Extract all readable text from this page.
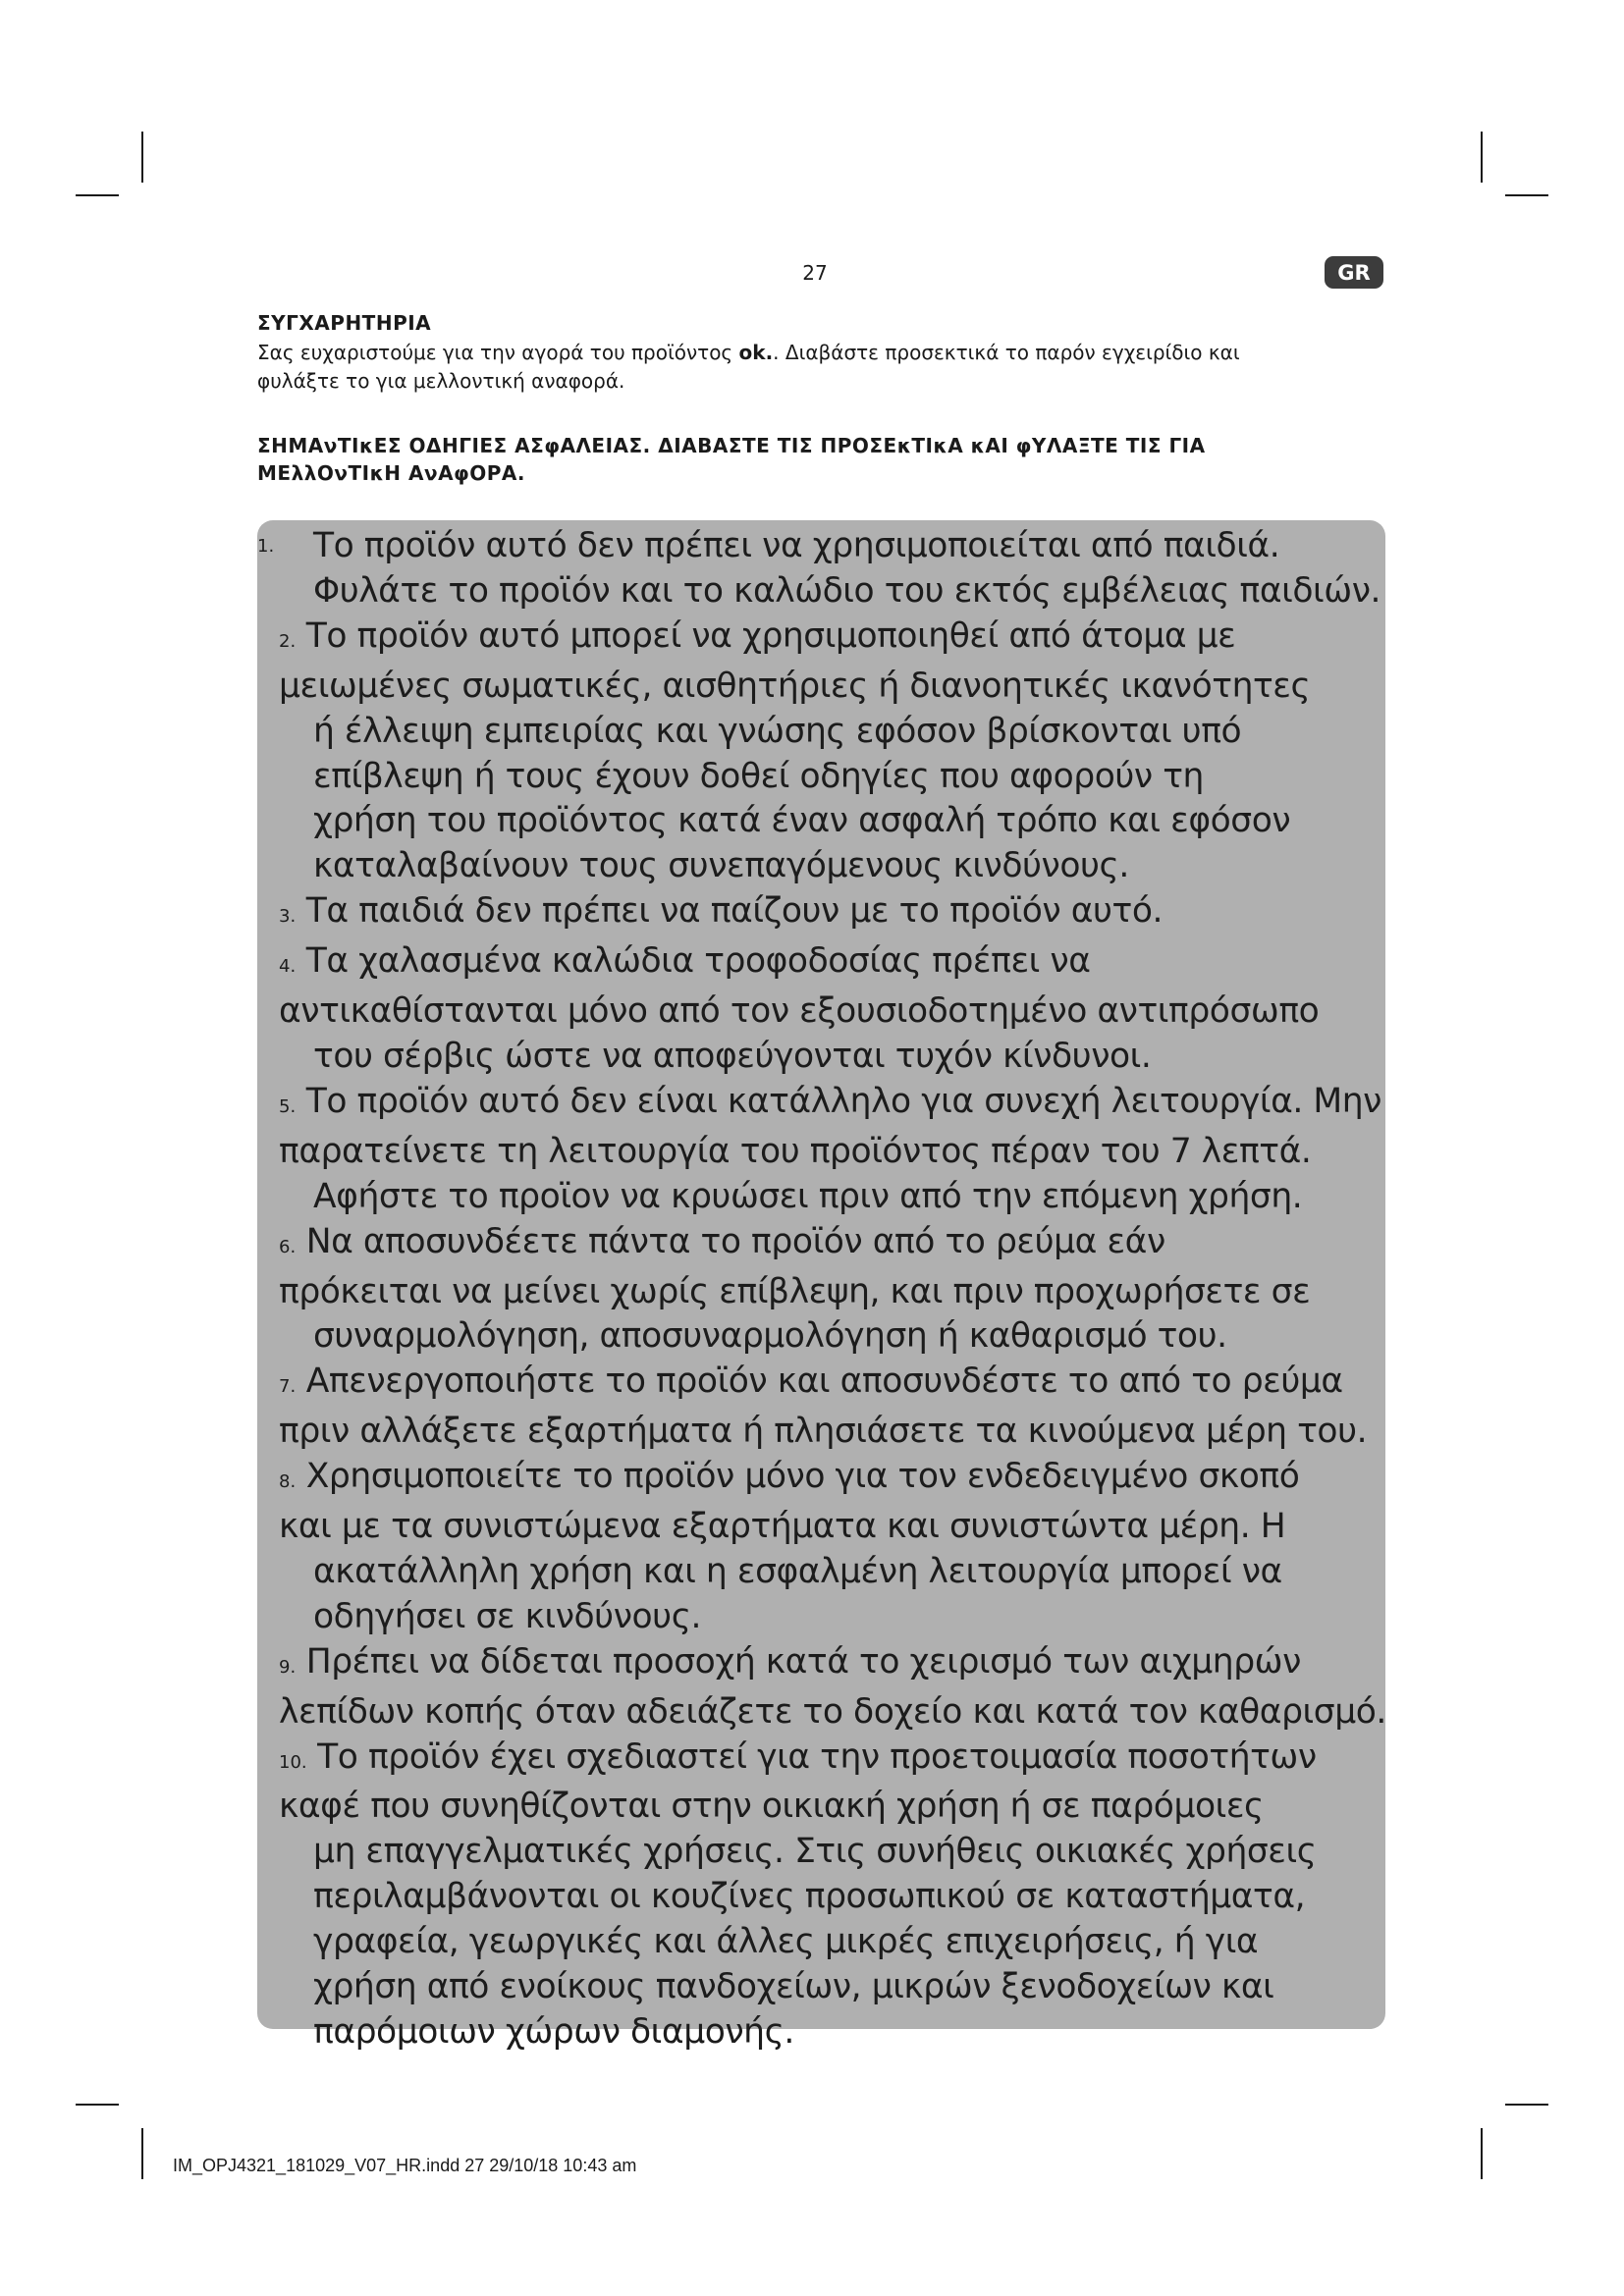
27	GR
ΣΥΓΧΑΡΗΤΗΡΙΑ
Σας ευχαριστούμε για την αγορά του προϊόντος ok.. Διαβάστε προσεκτικά το παρόν εγχειρίδιο και
φυλάξτε το για μελλοντική αναφορά.
ΣΗΜΑνΤΙκΕΣ ΟΔΗΓΙΕΣ ΑΣφΑΛΕΙΑΣ. ΔΙΑΒΑΣΤΕ ΤΙΣ ΠΡΟΣΕκΤΙκΑ κΑΙ φΥΛΑΞΤΕ ΤΙΣ ΓΙΑ
ΜΕλλΟνΤΙκΗ ΑνΑφΟΡΑ.
1.	Το προϊόν αυτό δεν πρέπει να χρησιμοποιείται από παιδιά.
Φυλάτε το προϊόν και το καλώδιο του εκτός εμβέλειας παιδιών.
2. Το προϊόν αυτό μπορεί να χρησιμοποιηθεί από άτομα με
μειωμένες σωματικές, αισθητήριες ή διανοητικές ικανότητες
ή έλλειψη εμπειρίας και γνώσης εφόσον βρίσκονται υπό
επίβλεψη ή τους έχουν δοθεί οδηγίες που αφορούν τη
χρήση του προϊόντος κατά έναν ασφαλή τρόπο και εφόσον
καταλαβαίνουν τους συνεπαγόμενους κινδύνους.
3. Τα παιδιά δεν πρέπει να παίζουν με το προϊόν αυτό.
4. Τα χαλασμένα καλώδια τροφοδοσίας πρέπει να
αντικαθίστανται μόνο από τον εξουσιοδοτημένο αντιπρόσωπο
του σέρβις ώστε να αποφεύγονται τυχόν κίνδυνοι.
5. Το προϊόν αυτό δεν είναι κατάλληλο για συνεχή λειτουργία. Μην
παρατείνετε τη λειτουργία του προϊόντος πέραν του 7 λεπτά.
Αφήστε το προϊον να κρυώσει πριν από την επόμενη χρήση.
6. Να αποσυνδέετε πάντα το προϊόν από το ρεύμα εάν
πρόκειται να μείνει χωρίς επίβλεψη, και πριν προχωρήσετε σε
συναρμολόγηση, αποσυναρμολόγηση ή καθαρισμό του.
7. Απενεργοποιήστε το προϊόν και αποσυνδέστε το από το ρεύμα
πριν αλλάξετε εξαρτήματα ή πλησιάσετε τα κινούμενα μέρη του.
8. Χρησιμοποιείτε το προϊόν μόνο για τον ενδεδειγμένο σκοπό
και με τα συνιστώμενα εξαρτήματα και συνιστώντα μέρη. Η
ακατάλληλη χρήση και η εσφαλμένη λειτουργία μπορεί να
οδηγήσει σε κινδύνους.
9. Πρέπει να δίδεται προσοχή κατά το χειρισμό των αιχμηρών
λεπίδων κοπής όταν αδειάζετε το δοχείο και κατά τον καθαρισμό.
10. Το προϊόν έχει σχεδιαστεί για την προετοιμασία ποσοτήτων
καφέ που συνηθίζονται στην οικιακή χρήση ή σε παρόμοιες
μη επαγγελματικές χρήσεις. Στις συνήθεις οικιακές χρήσεις
περιλαμβάνονται οι κουζίνες προσωπικού σε καταστήματα,
γραφεία, γεωργικές και άλλες μικρές επιχειρήσεις, ή για
χρήση από ενοίκους πανδοχείων, μικρών ξενοδοχείων και
παρόμοιων χώρων διαμονής.
IM_OPJ4321_181029_V07_HR.indd 27 29/10/18 10:43 am
